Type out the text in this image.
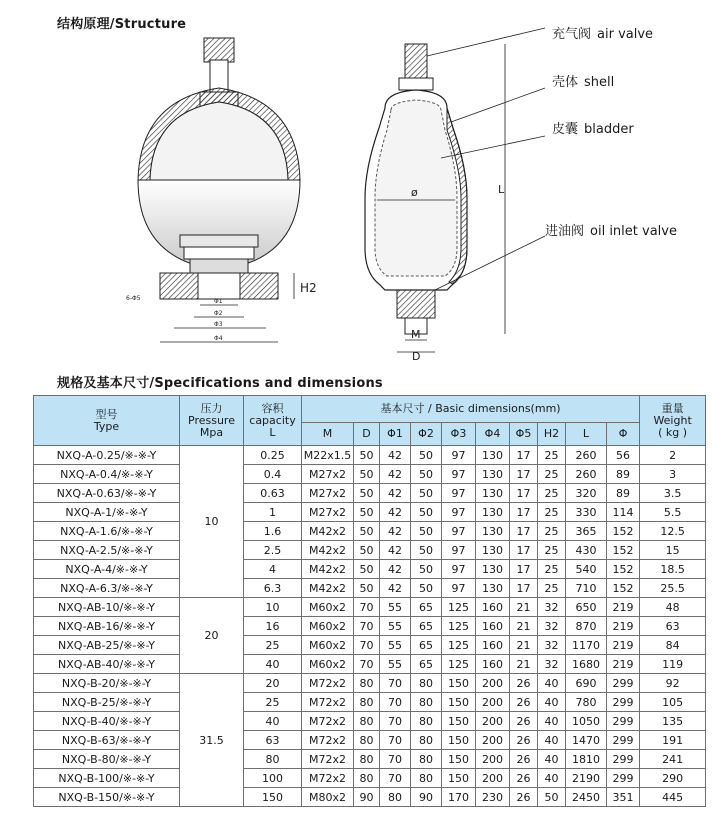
结构原理/Structure
Φ1
Φ2
Φ3
Φ4
6-Φ5
H2
ø
M
D
L
充气阀 air valve
壳体 shell
皮囊 bladder
进油阀 oil inlet valve
规格及基本尺寸/Specifications and dimensions
型号
Type	压力
Pressure
Mpa	容积
capacity
L	基本尺寸 / Basic dimensions(mm)										重量
Weight
( kg )

			M	D	Φ1	Φ2	Φ3	Φ4	Φ5	H2	L	Φ	
NXQ-A-0.25/※-※-Y	10	0.25	M22x1.5	50	42	50	97	130	17	25	260	56	2
NXQ-A-0.4/※-※-Y		0.4	M27x2	50	42	50	97	130	17	25	260	89	3
NXQ-A-0.63/※-※-Y		0.63	M27x2	50	42	50	97	130	17	25	320	89	3.5
NXQ-A-1/※-※-Y		1	M27x2	50	42	50	97	130	17	25	330	114	5.5
NXQ-A-1.6/※-※-Y		1.6	M42x2	50	42	50	97	130	17	25	365	152	12.5
NXQ-A-2.5/※-※-Y		2.5	M42x2	50	42	50	97	130	17	25	430	152	15
NXQ-A-4/※-※-Y		4	M42x2	50	42	50	97	130	17	25	540	152	18.5
NXQ-A-6.3/※-※-Y		6.3	M42x2	50	42	50	97	130	17	25	710	152	25.5
NXQ-AB-10/※-※-Y	20	10	M60x2	70	55	65	125	160	21	32	650	219	48
NXQ-AB-16/※-※-Y		16	M60x2	70	55	65	125	160	21	32	870	219	63
NXQ-AB-25/※-※-Y		25	M60x2	70	55	65	125	160	21	32	1170	219	84
NXQ-AB-40/※-※-Y		40	M60x2	70	55	65	125	160	21	32	1680	219	119
NXQ-B-20/※-※-Y	31.5	20	M72x2	80	70	80	150	200	26	40	690	299	92
NXQ-B-25/※-※-Y		25	M72x2	80	70	80	150	200	26	40	780	299	105
NXQ-B-40/※-※-Y		40	M72x2	80	70	80	150	200	26	40	1050	299	135
NXQ-B-63/※-※-Y		63	M72x2	80	70	80	150	200	26	40	1470	299	191
NXQ-B-80/※-※-Y		80	M72x2	80	70	80	150	200	26	40	1810	299	241
NXQ-B-100/※-※-Y		100	M72x2	80	70	80	150	200	26	40	2190	299	290
NXQ-B-150/※-※-Y		150	M80x2	90	80	90	170	230	26	50	2450	351	445
